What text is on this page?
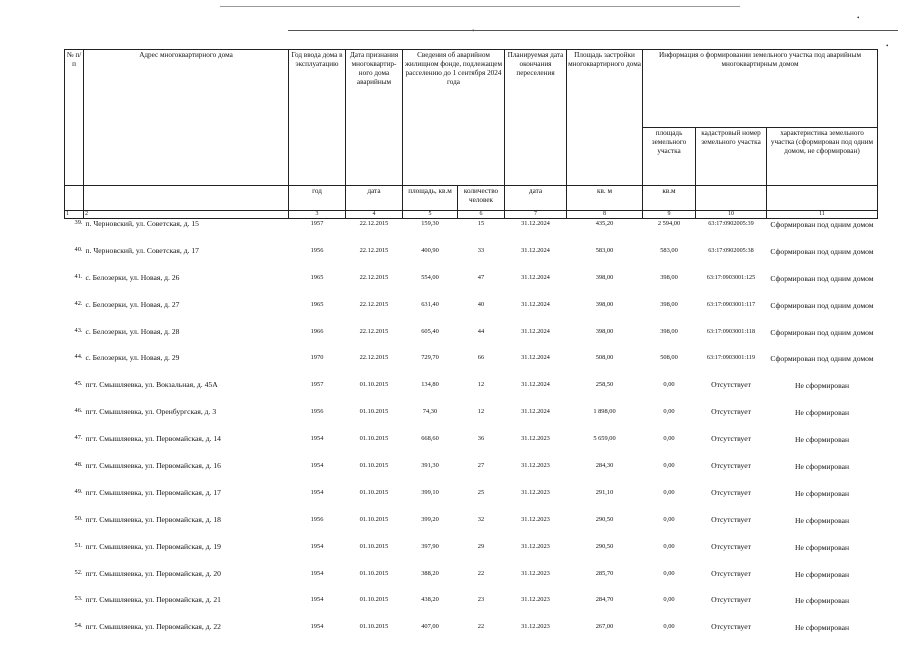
•
•
•
№ п/п	Адрес многоквартирного дома	Год ввода дома в эксплуатацию	Дата признания многоквартир-ного дома аварийным	Сведения об аварийном жилищном фонде, подлежащем расселению до 1 сентября 2024 года		Планируемая дата окончания переселения	Площадь застройки многоквартирного дома	Информация о формировании земельного участка под аварийным многоквартирным домом		
								площадь земельного участка	кадастровый номер земельного участка	характеристика земельного участка (сформирован под одним домом, не сформирован)
		год	дата	площадь, кв.м	количество человек	дата	кв. м	кв.м		
1	2	3	4	5	6	7	8	9	10	11
39.	п. Черновский, ул. Советская, д. 15	1957	22.12.2015	159,30	15	31.12.2024	435,20	2 594,00	63:17:0902005:39	Сформирован под одним домом
40.	п. Черновский, ул. Советская, д. 17	1956	22.12.2015	400,90	33	31.12.2024	583,00	583,00	63:17:0902005:38	Сформирован под одним домом
41.	с. Белозерки, ул. Новая, д. 26	1965	22.12.2015	554,00	47	31.12.2024	398,00	398,00	63:17:0903001:125	Сформирован под одним домом
42.	с. Белозерки, ул. Новая, д. 27	1965	22.12.2015	631,40	40	31.12.2024	398,00	398,00	63:17:0903001:117	Сформирован под одним домом
43.	с. Белозерки, ул. Новая, д. 28	1966	22.12.2015	605,40	44	31.12.2024	398,00	398,00	63:17:0903001:118	Сформирован под одним домом
44.	с. Белозерки, ул. Новая, д. 29	1970	22.12.2015	729,70	66	31.12.2024	508,00	508,00	63:17:0903001:119	Сформирован под одним домом
45.	пгт. Смышляевка, ул. Вокзальная, д. 45А	1957	01.10.2015	134,80	12	31.12.2024	258,50	0,00	Отсутствует	Не сформирован
46.	пгт. Смышляевка, ул. Оренбургская, д. 3	1956	01.10.2015	74,30	12	31.12.2024	1 898,00	0,00	Отсутствует	Не сформирован
47.	пгт. Смышляевка, ул. Первомайская, д. 14	1954	01.10.2015	668,60	36	31.12.2023	5 659,00	0,00	Отсутствует	Не сформирован
48.	пгт. Смышляевка, ул. Первомайская, д. 16	1954	01.10.2015	391,30	27	31.12.2023	284,30	0,00	Отсутствует	Не сформирован
49.	пгт. Смышляевка, ул. Первомайская, д. 17	1954	01.10.2015	399,10	25	31.12.2023	291,10	0,00	Отсутствует	Не сформирован
50.	пгт. Смышляевка, ул. Первомайская, д. 18	1956	01.10.2015	399,20	32	31.12.2023	290,50	0,00	Отсутствует	Не сформирован
51.	пгт. Смышляевка, ул. Первомайская, д. 19	1954	01.10.2015	397,90	29	31.12.2023	290,50	0,00	Отсутствует	Не сформирован
52.	пгт. Смышляевка, ул. Первомайская, д. 20	1954	01.10.2015	388,20	22	31.12.2023	285,70	0,00	Отсутствует	Не сформирован
53.	пгт. Смышляевка, ул. Первомайская, д. 21	1954	01.10.2015	438,20	23	31.12.2023	284,70	0,00	Отсутствует	Не сформирован
54.	пгт. Смышляевка, ул. Первомайская, д. 22	1954	01.10.2015	407,00	22	31.12.2023	267,00	0,00	Отсутствует	Не сформирован
